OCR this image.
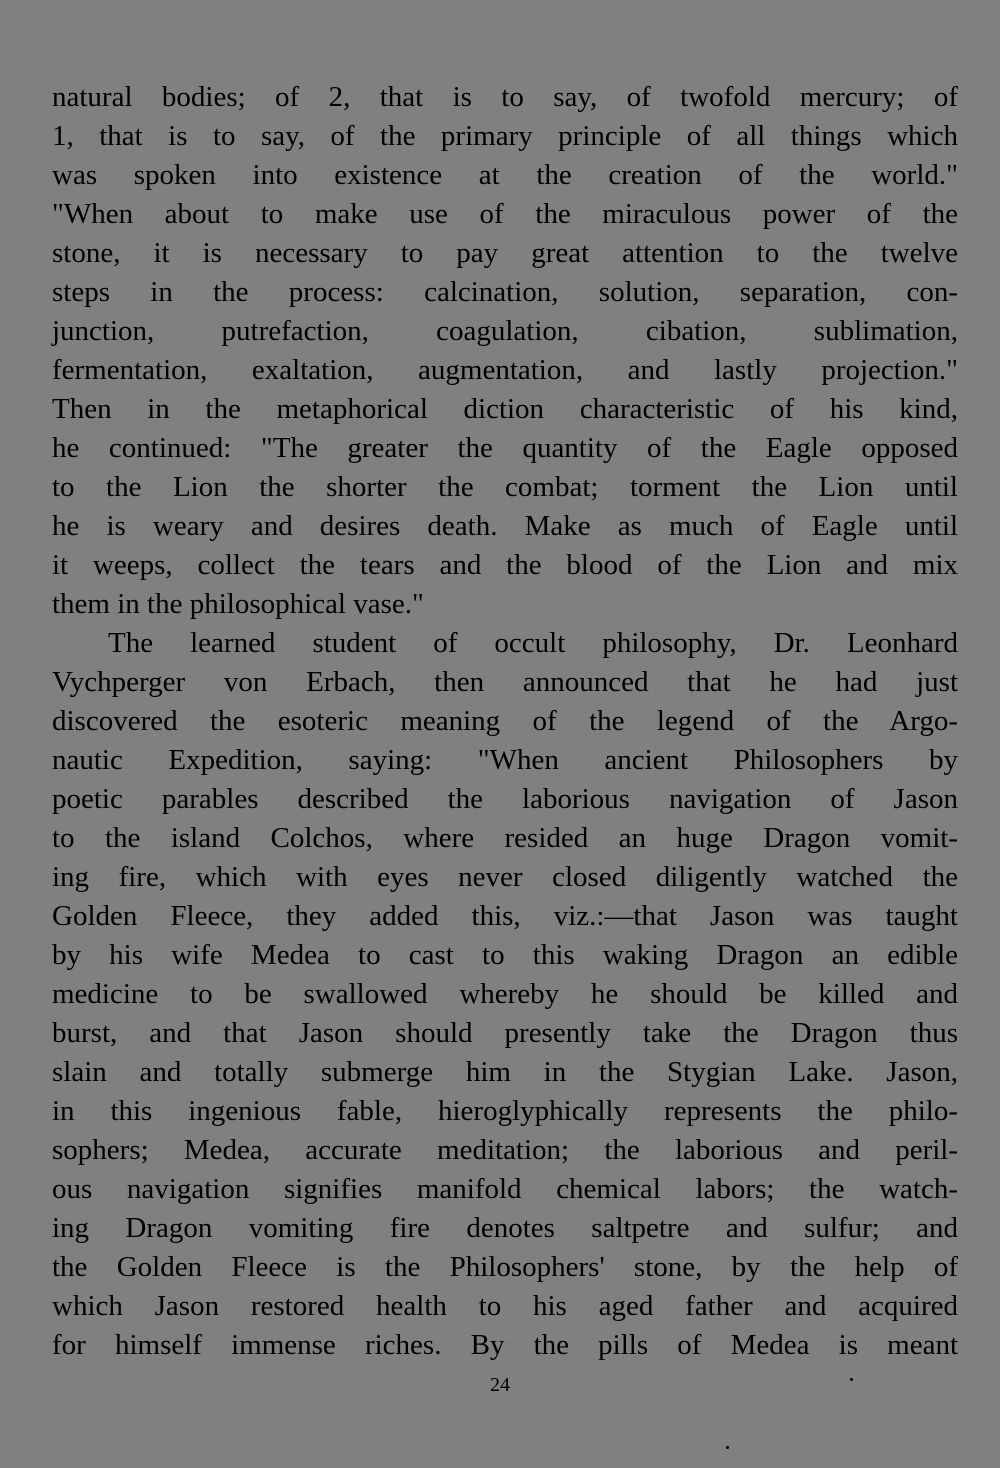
natural bodies; of 2, that is to say, of twofold mercury; of
1, that is to say, of the primary principle of all things which
was spoken into existence at the creation of the world."
"When about to make use of the miraculous power of the
stone, it is necessary to pay great attention to the twelve
steps in the process: calcination, solution, separation, con-
junction, putrefaction, coagulation, cibation, sublimation,
fermentation, exaltation, augmentation, and lastly projection."
Then in the metaphorical diction characteristic of his kind,
he continued: "The greater the quantity of the Eagle opposed
to the Lion the shorter the combat; torment the Lion until
he is weary and desires death. Make as much of Eagle until
it weeps, collect the tears and the blood of the Lion and mix
them in the philosophical vase."
The learned student of occult philosophy, Dr. Leonhard
Vychperger von Erbach, then announced that he had just
discovered the esoteric meaning of the legend of the Argo-
nautic Expedition, saying: "When ancient Philosophers by
poetic parables described the laborious navigation of Jason
to the island Colchos, where resided an huge Dragon vomit-
ing fire, which with eyes never closed diligently watched the
Golden Fleece, they added this, viz.:—that Jason was taught
by his wife Medea to cast to this waking Dragon an edible
medicine to be swallowed whereby he should be killed and
burst, and that Jason should presently take the Dragon thus
slain and totally submerge him in the Stygian Lake. Jason,
in this ingenious fable, hieroglyphically represents the philo-
sophers; Medea, accurate meditation; the laborious and peril-
ous navigation signifies manifold chemical labors; the watch-
ing Dragon vomiting fire denotes saltpetre and sulfur; and
the Golden Fleece is the Philosophers' stone, by the help of
which Jason restored health to his aged father and acquired
for himself immense riches. By the pills of Medea is meant
24
